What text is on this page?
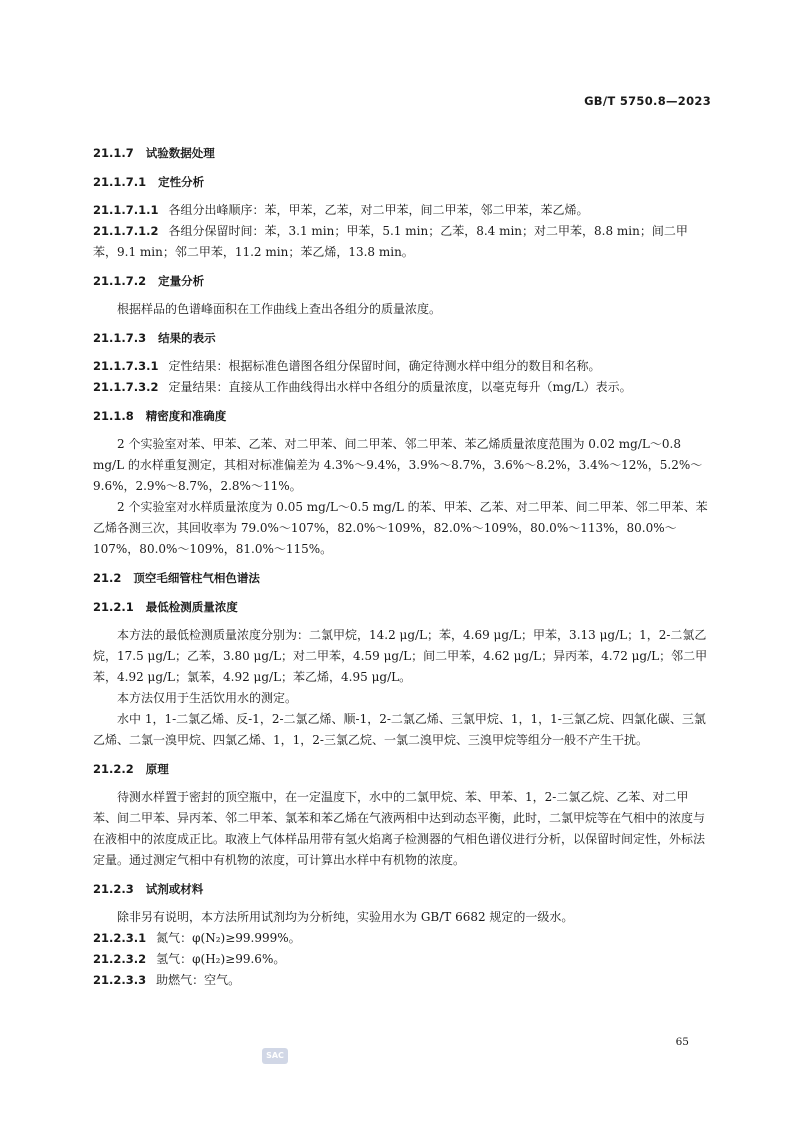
GB/T 5750.8—2023
21.1.7 试验数据处理
21.1.7.1 定性分析
21.1.7.1.1 各组分出峰顺序：苯，甲苯，乙苯，对二甲苯，间二甲苯，邻二甲苯，苯乙烯。
21.1.7.1.2 各组分保留时间：苯，3.1 min；甲苯，5.1 min；乙苯，8.4 min；对二甲苯，8.8 min；间二甲苯，9.1 min；邻二甲苯，11.2 min；苯乙烯，13.8 min。
21.1.7.2 定量分析
根据样品的色谱峰面积在工作曲线上查出各组分的质量浓度。
21.1.7.3 结果的表示
21.1.7.3.1 定性结果：根据标准色谱图各组分保留时间，确定待测水样中组分的数目和名称。
21.1.7.3.2 定量结果：直接从工作曲线得出水样中各组分的质量浓度，以毫克每升（mg/L）表示。
21.1.8 精密度和准确度
2 个实验室对苯、甲苯、乙苯、对二甲苯、间二甲苯、邻二甲苯、苯乙烯质量浓度范围为 0.02 mg/L～0.8 mg/L 的水样重复测定，其相对标准偏差为 4.3%～9.4%，3.9%～8.7%，3.6%～8.2%，3.4%～12%，5.2%～9.6%，2.9%～8.7%，2.8%～11%。
2 个实验室对水样质量浓度为 0.05 mg/L～0.5 mg/L 的苯、甲苯、乙苯、对二甲苯、间二甲苯、邻二甲苯、苯乙烯各测三次，其回收率为 79.0%～107%，82.0%～109%，82.0%～109%，80.0%～113%，80.0%～107%，80.0%～109%，81.0%～115%。
21.2 顶空毛细管柱气相色谱法
21.2.1 最低检测质量浓度
本方法的最低检测质量浓度分别为：二氯甲烷，14.2 μg/L；苯，4.69 μg/L；甲苯，3.13 μg/L；1，2-二氯乙烷，17.5 μg/L；乙苯，3.80 μg/L；对二甲苯，4.59 μg/L；间二甲苯，4.62 μg/L；异丙苯，4.72 μg/L；邻二甲苯，4.92 μg/L；氯苯，4.92 μg/L；苯乙烯，4.95 μg/L。
本方法仅用于生活饮用水的测定。
水中 1，1-二氯乙烯、反-1，2-二氯乙烯、顺-1，2-二氯乙烯、三氯甲烷、1，1，1-三氯乙烷、四氯化碳、三氯乙烯、二氯一溴甲烷、四氯乙烯、1，1，2-三氯乙烷、一氯二溴甲烷、三溴甲烷等组分一般不产生干扰。
21.2.2 原理
待测水样置于密封的顶空瓶中，在一定温度下，水中的二氯甲烷、苯、甲苯、1，2-二氯乙烷、乙苯、对二甲苯、间二甲苯、异丙苯、邻二甲苯、氯苯和苯乙烯在气液两相中达到动态平衡，此时，二氯甲烷等在气相中的浓度与在液相中的浓度成正比。取液上气体样品用带有氢火焰离子检测器的气相色谱仪进行分析，以保留时间定性，外标法定量。通过测定气相中有机物的浓度，可计算出水样中有机物的浓度。
21.2.3 试剂或材料
除非另有说明，本方法所用试剂均为分析纯，实验用水为 GB/T 6682 规定的一级水。
21.2.3.1 氮气：φ(N₂)≥99.999%。
21.2.3.2 氢气：φ(H₂)≥99.6%。
21.2.3.3 助燃气：空气。
65
SAC
